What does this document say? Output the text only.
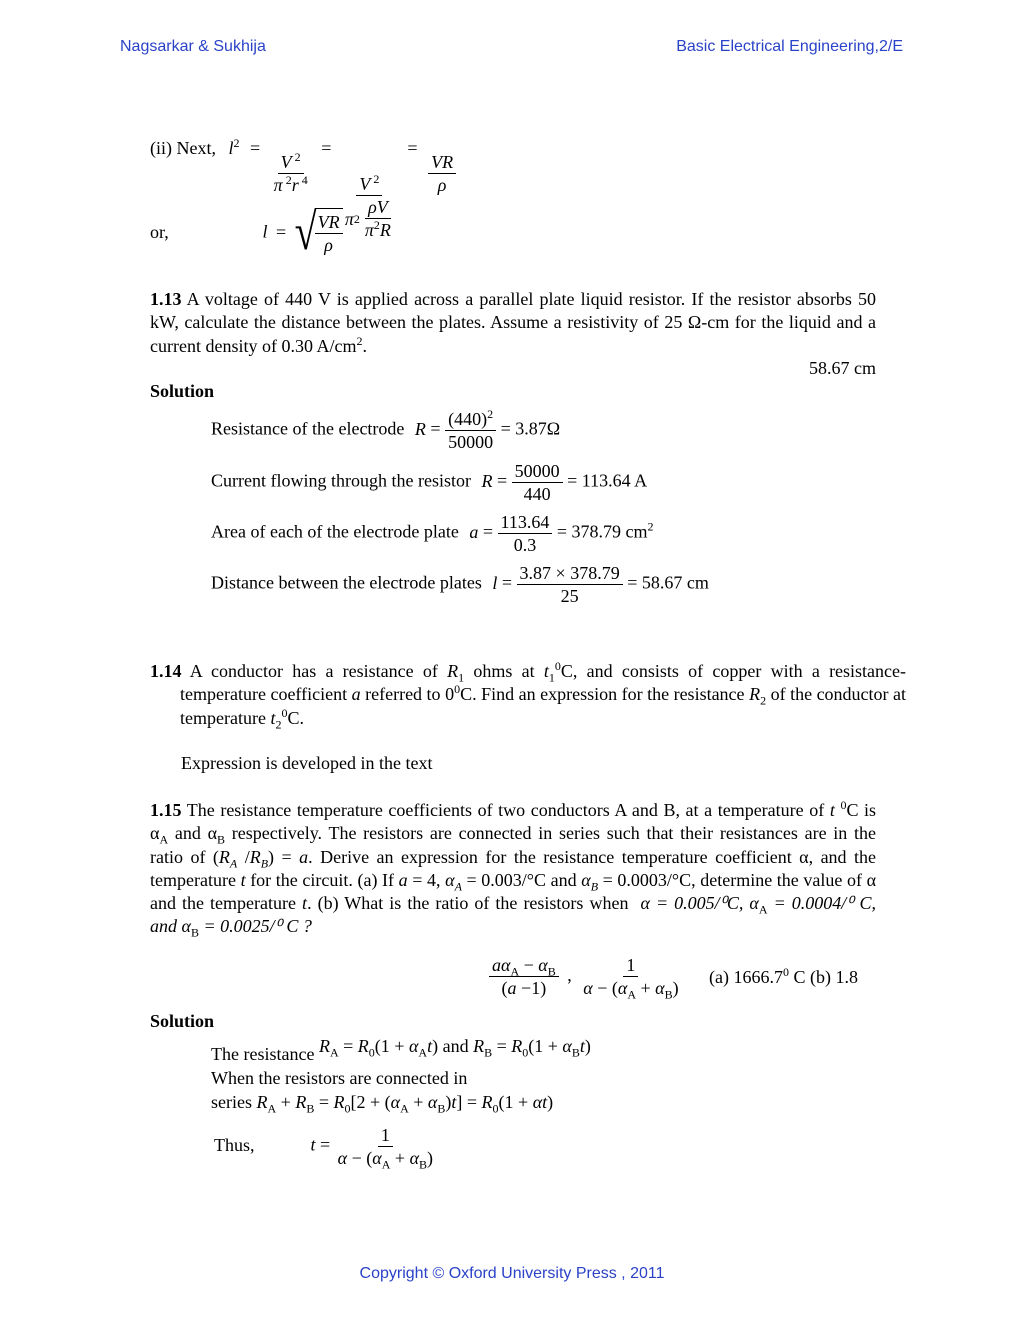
Nagsarkar & Sukhija	Basic Electrical Engineering,2/E
Copyright © Oxford University Press , 2011
(ii) Next, $l^2$ =
$\frac{V ^2}{\pi ^2r ^4}$
=
$\frac{V ^2}{\pi 2 \frac{\rho V}{\pi^2R}}$
=
$\frac{VR}{\rho}$
or,	l = √
$\frac{VR}{\rho}$
1.13 A voltage of 440 V is applied across a parallel plate liquid resistor. If the resistor absorbs 50 kW, calculate the distance between the plates. Assume a resistivity of 25 Ω-cm for the liquid and a current density of 0.30 $A/cm^2$.
58.67 cm
Solution
Resistance of the electrode $R = \frac{(440)^2}{50000} = 3.87\Omega$
Current flowing through the resistor $R = \frac{50000}{440} = 113.64$ A
Area of each of the electrode plate $a = \frac{113.64}{0.3} = 378.79$ $cm^2$
Distance between the electrode plates $l = \frac{3.87 \times 378.79}{25} = 58.67$ cm
1.14 A conductor has a resistance of $R_1$ ohms at $t_1^0C$, and consists of copper with a resistance-temperature coefficient a referred to $0^0C$. Find an expression for the resistance $R_2$ of the conductor at temperature $t_2^0C$.
Expression is developed in the text
1.15 The resistance temperature coefficients of two conductors A and B, at a temperature of t $^0$C is $\alpha_A$ and $\alpha_B$ respectively. The resistors are connected in series such that their resistances are in the ratio of ($R_A$ $/R_B) = a$. Derive an expression for the resistance temperature coefficient α, and the temperature t for the circuit. (a) If a = 4, $\alpha_A = 0.003/^\circ C$ and $\alpha_B = 0.0003/^\circ C$, determine the value of α and the temperature t. (b) What is the ratio of the resistors when α = 0.005/⁰C, $\alpha_A = 0.0004/^0$ C, and $\alpha_B = 0.0025/^0$ C ?
$\frac{a\alpha_A - \alpha_B}{(a -1)}$ , $\frac{1}{\alpha - (\alpha_A + \alpha_B)} (a)$ 1666.7$^0$ C (b) 1.8
Solution
The resistance $R_A = R_0(1 + \alpha_At)$ and $R_B = R_0(1 + \alpha_Bt)$
When the resistors are connected in
series $R_A + R_B = R_0[2 + (\alpha_A + \alpha_B)t] = R_0(1 + \alpha t)$
Thus,	$t = \frac{1}{\alpha - (\alpha_A + \alpha_B)}$
